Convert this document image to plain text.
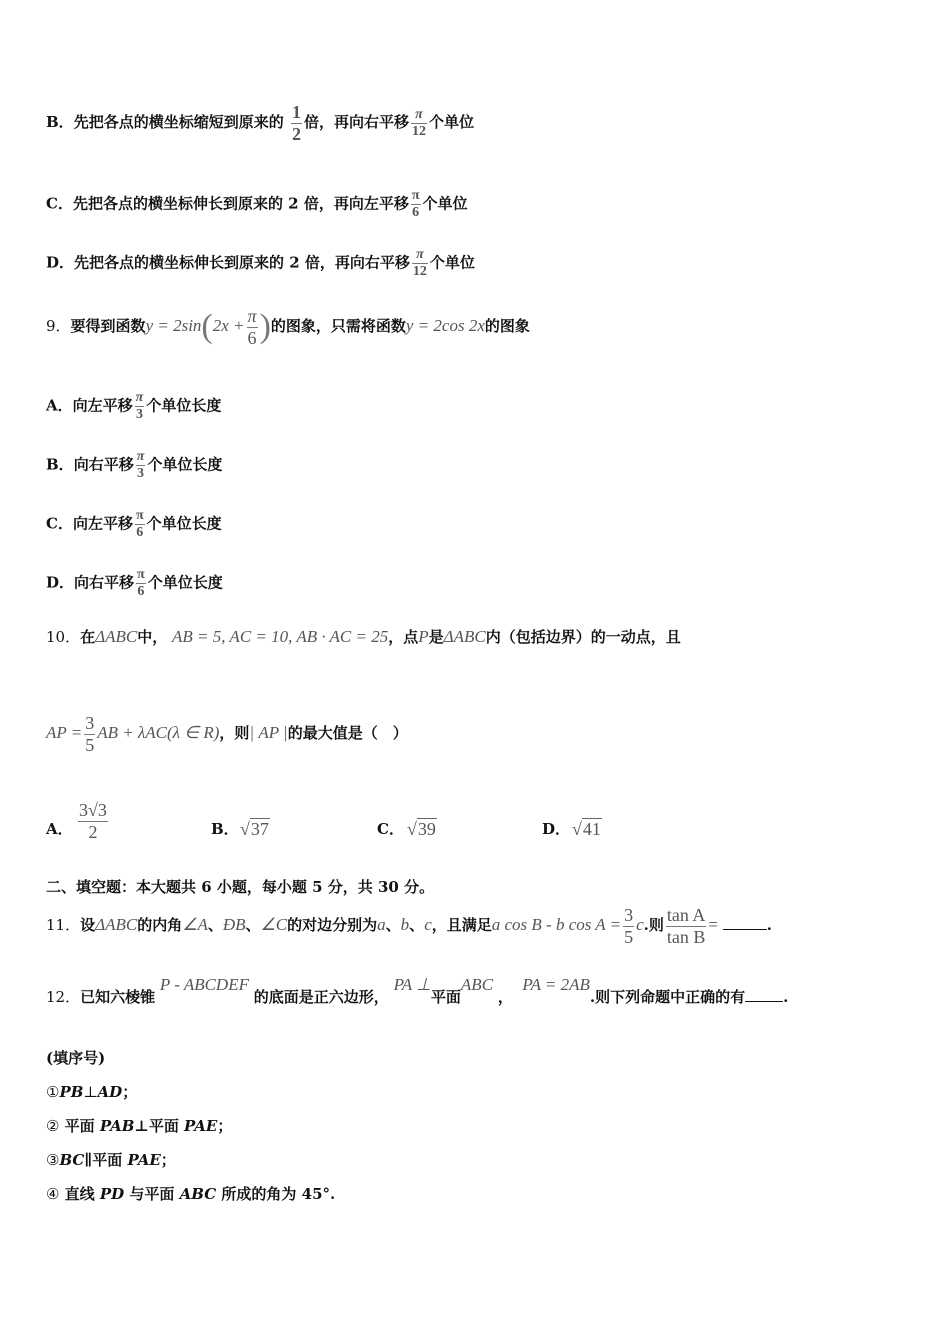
B．先把各点的横坐标缩短到原来的 $\frac{1}{2}$ 倍，再向右平移 $\frac{\pi}{12}$ 个单位
C．先把各点的横坐标伸长到原来的 2 倍，再向左平移 $\frac{\pi}{6}$ 个单位
D．先把各点的横坐标伸长到原来的 2 倍，再向右平移 $\frac{\pi}{12}$ 个单位
9．要得到函数$y = 2\sin(2x + \frac{\pi}{6}$ )的图象，只需将函数y = 2cos 2x的图象
A．向左平移 $\frac{\pi}{3}$ 个单位长度
B．向右平移 $\frac{\pi}{3}$ 个单位长度
C．向左平移 $\frac{\pi}{6}$ 个单位长度
D．向右平移 $\frac{\pi}{6}$ 个单位长度
10．在ΔABC中， AB = 5, AC = 10, AB · AC = 25，点P是ΔABC内（包括边界）的一动点，且
AP = $\frac{3}{5}$ AB + λAC(λ ∈ R)，则| AP |的最大值是（　）
A． $\frac{3√3}{2}$	B． √37	C． √39	D． √41
二、填空题：本大题共 6 小题，每小题 5 分，共 30 分。
11．设ΔABC的内角∠A、ÐB、∠C的对边分别为a、b、c，且满足a cos B - b $\cos A = \frac{3}{5} c$.则 $\frac{\text{tan A}}{\text{tan B}}$ =	.
12．已知六棱锥 P - ABCDEF 的底面是正六边形， PA ⊥平面ABC ，  PA = 2AB.则下列命题中正确的有	.
(填序号)
①PB⊥AD；
② 平面 PAB⊥平面 PAE；
③BC∥平面 PAE；
④ 直线 PD 与平面 ABC 所成的角为 45°.
